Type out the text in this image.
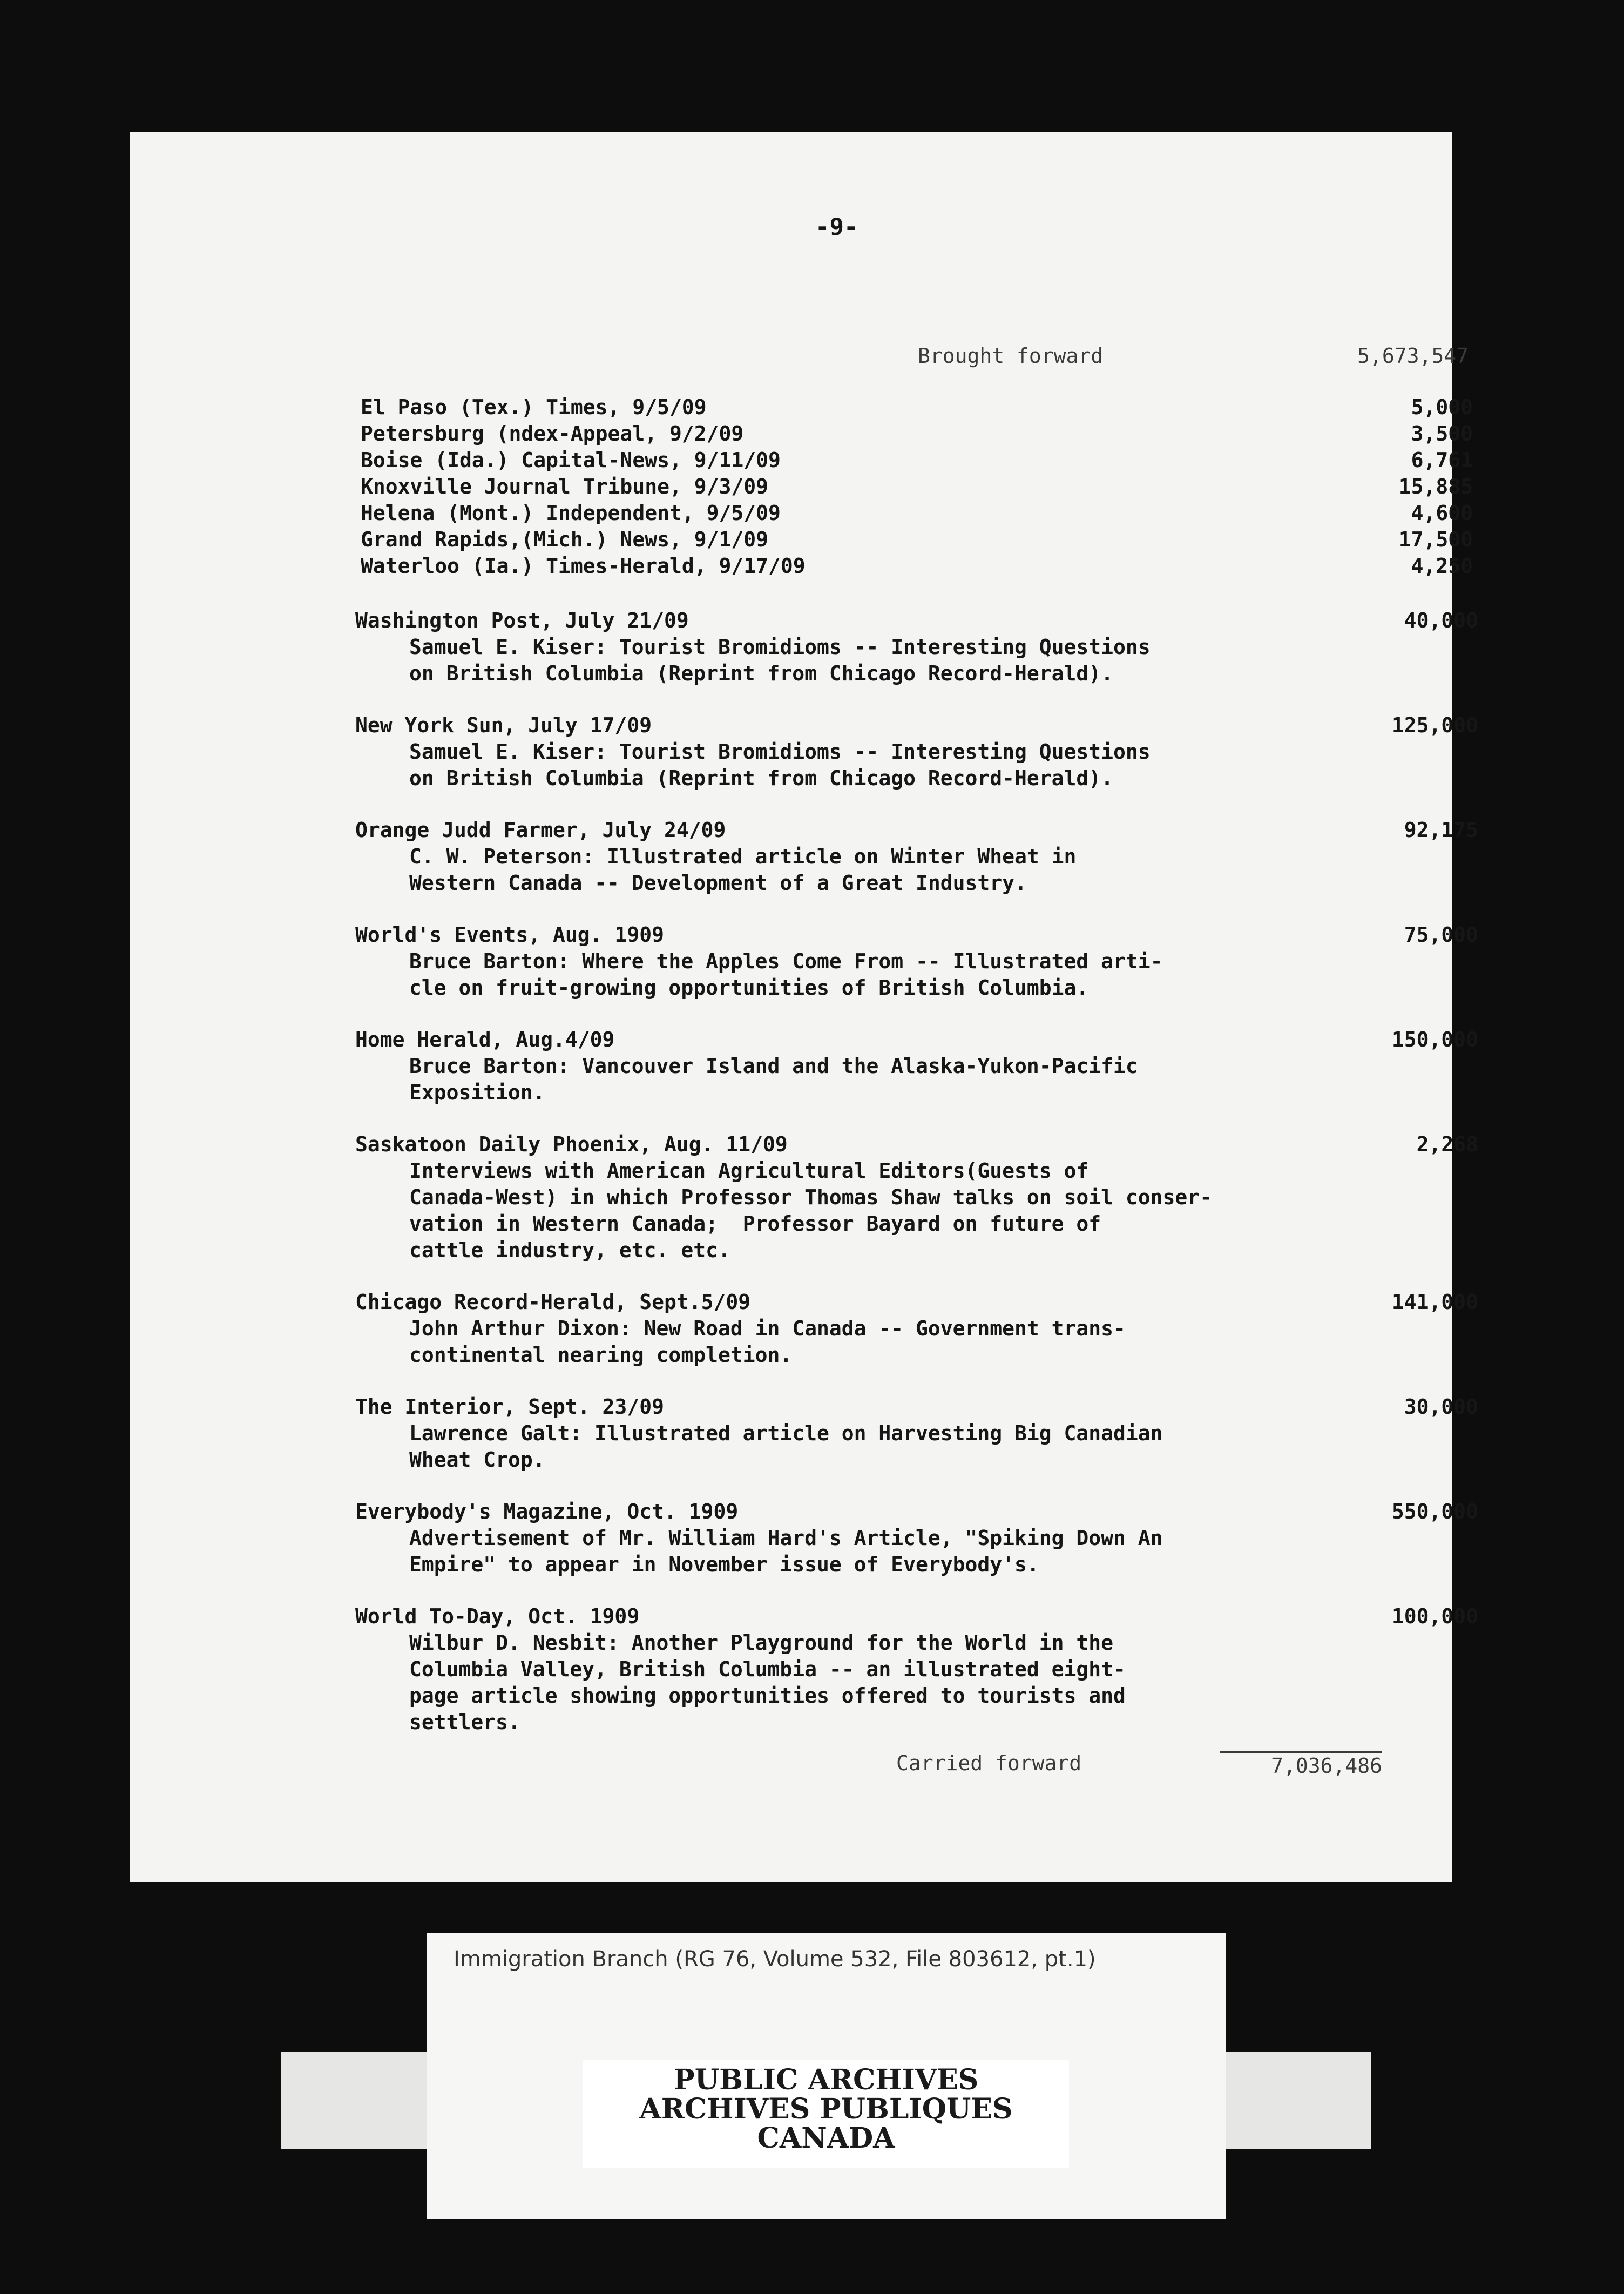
-9-
Brought forward	5,673,547
El Paso (Tex.) Times, 9/5/09	5,000
Petersburg (ndex-Appeal, 9/2/09	3,500
Boise (Ida.) Capital-News, 9/11/09	6,761
Knoxville Journal Tribune, 9/3/09	15,885
Helena (Mont.) Independent, 9/5/09	4,600
Grand Rapids,(Mich.) News, 9/1/09	17,500
Waterloo (Ia.) Times-Herald, 9/17/09	4,250
Washington Post, July 21/09	40,000
Samuel E. Kiser: Tourist Bromidioms -- Interesting Questions
on British Columbia (Reprint from Chicago Record-Herald).
New York Sun, July 17/09	125,000
Samuel E. Kiser: Tourist Bromidioms -- Interesting Questions
on British Columbia (Reprint from Chicago Record-Herald).
Orange Judd Farmer, July 24/09	92,175
C. W. Peterson: Illustrated article on Winter Wheat in
Western Canada -- Development of a Great Industry.
World's Events, Aug. 1909	75,000
Bruce Barton: Where the Apples Come From -- Illustrated arti-
cle on fruit-growing opportunities of British Columbia.
Home Herald, Aug.4/09	150,000
Bruce Barton: Vancouver Island and the Alaska-Yukon-Pacific
Exposition.
Saskatoon Daily Phoenix, Aug. 11/09	2,268
Interviews with American Agricultural Editors(Guests of
Canada-West) in which Professor Thomas Shaw talks on soil conser-
vation in Western Canada;  Professor Bayard on future of
cattle industry, etc. etc.
Chicago Record-Herald, Sept.5/09	141,000
John Arthur Dixon: New Road in Canada -- Government trans-
continental nearing completion.
The Interior, Sept. 23/09	30,000
Lawrence Galt: Illustrated article on Harvesting Big Canadian
Wheat Crop.
Everybody's Magazine, Oct. 1909	550,000
Advertisement of Mr. William Hard's Article, "Spiking Down An
Empire" to appear in November issue of Everybody's.
World To-Day, Oct. 1909	100,000
Wilbur D. Nesbit: Another Playground for the World in the
Columbia Valley, British Columbia -- an illustrated eight-
page article showing opportunities offered to tourists and
settlers.
Carried forward	7,036,486
Immigration Branch (RG 76, Volume 532, File 803612, pt.1)
PUBLIC ARCHIVES
ARCHIVES PUBLIQUES
CANADA
